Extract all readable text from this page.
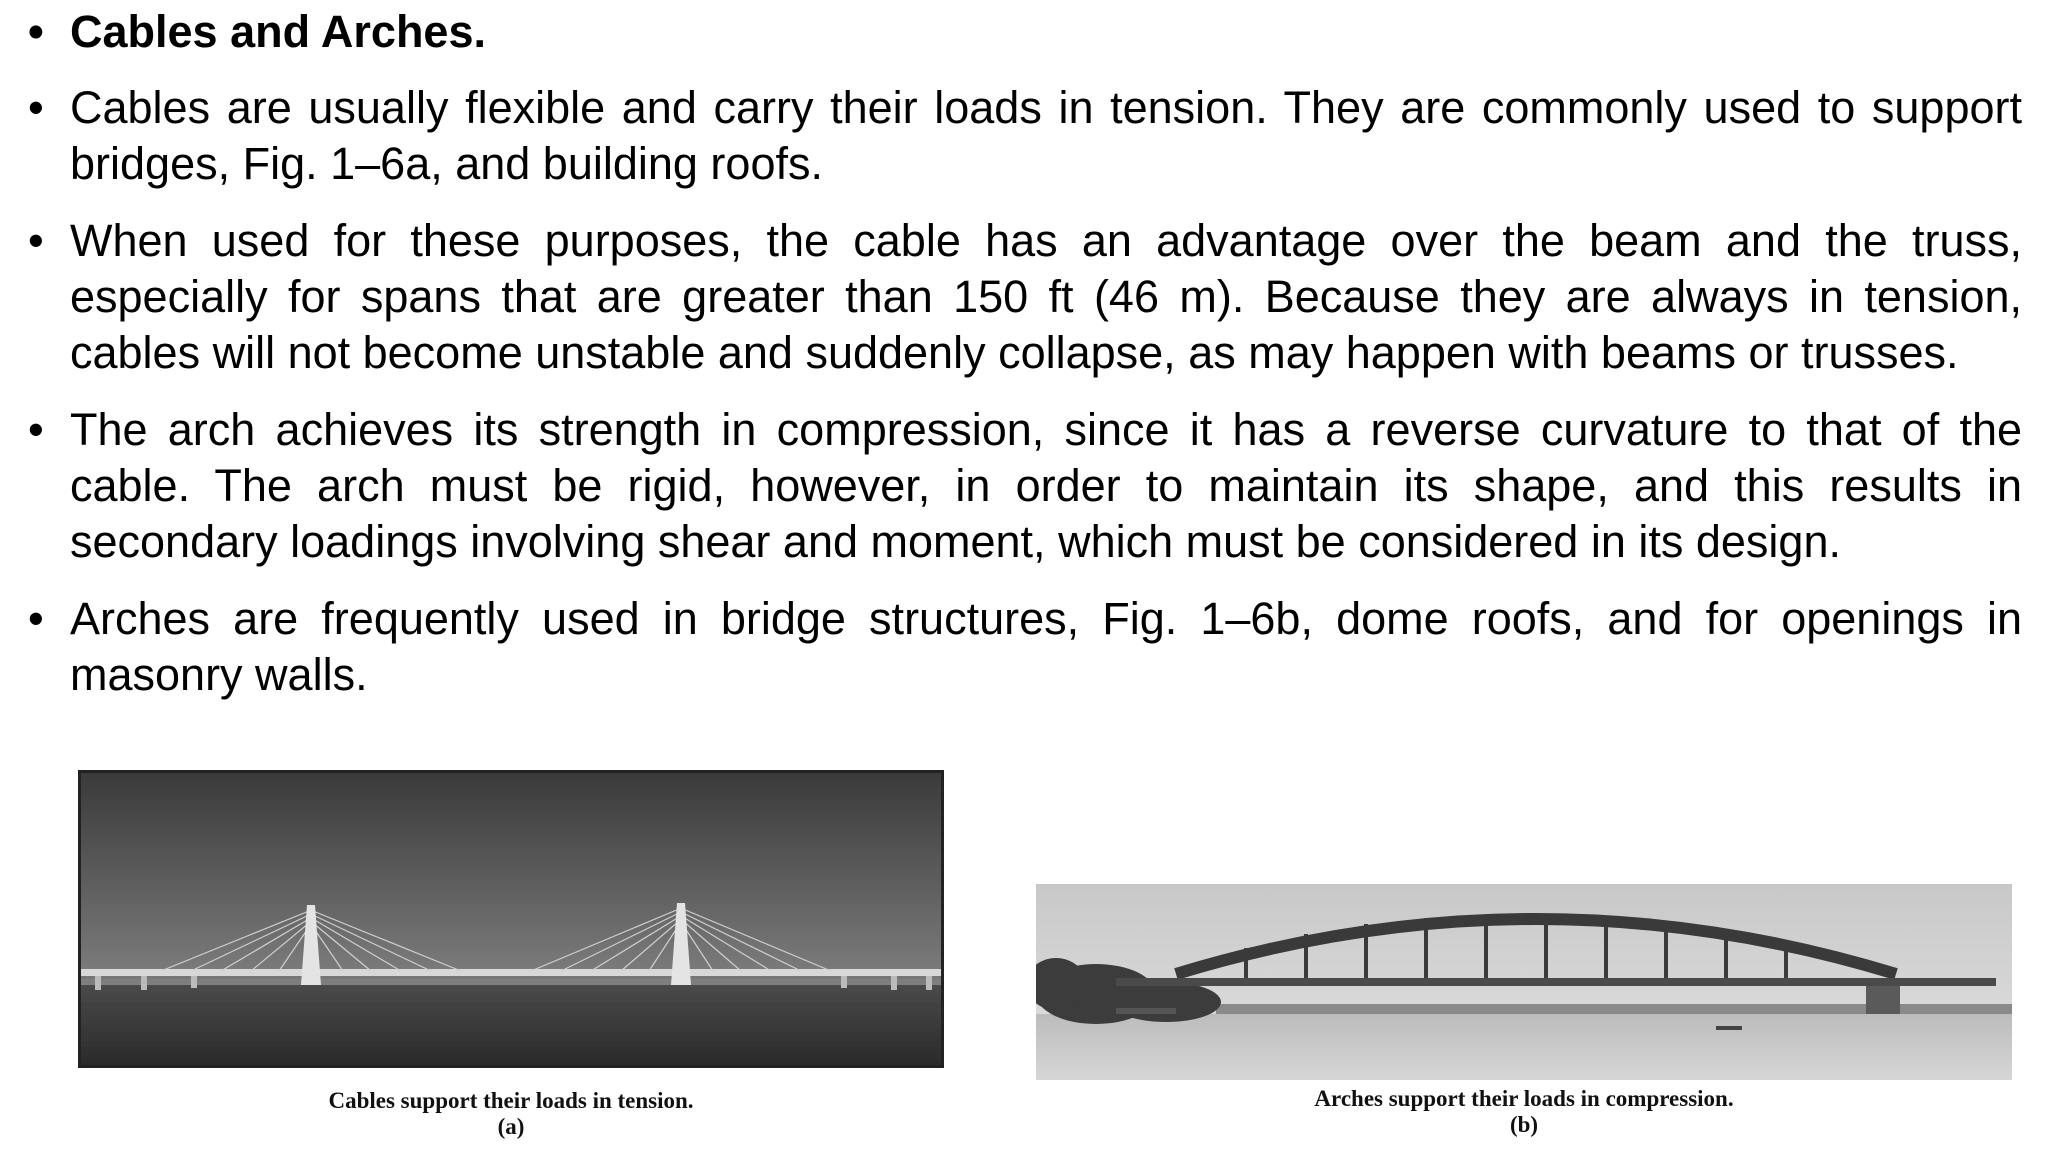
• Cables and Arches.
• Cables are usually flexible and carry their loads in tension. They are commonly used to support bridges, Fig. 1–6a, and building roofs.
• When used for these purposes, the cable has an advantage over the beam and the truss, especially for spans that are greater than 150 ft (46 m). Because they are always in tension, cables will not become unstable and suddenly collapse, as may happen with beams or trusses.
• The arch achieves its strength in compression, since it has a reverse curvature to that of the cable. The arch must be rigid, however, in order to maintain its shape, and this results in secondary loadings involving shear and moment, which must be considered in its design.
• Arches are frequently used in bridge structures, Fig. 1–6b, dome roofs, and for openings in masonry walls.
Cables support their loads in tension.
(a)
Arches support their loads in compression.
(b)
